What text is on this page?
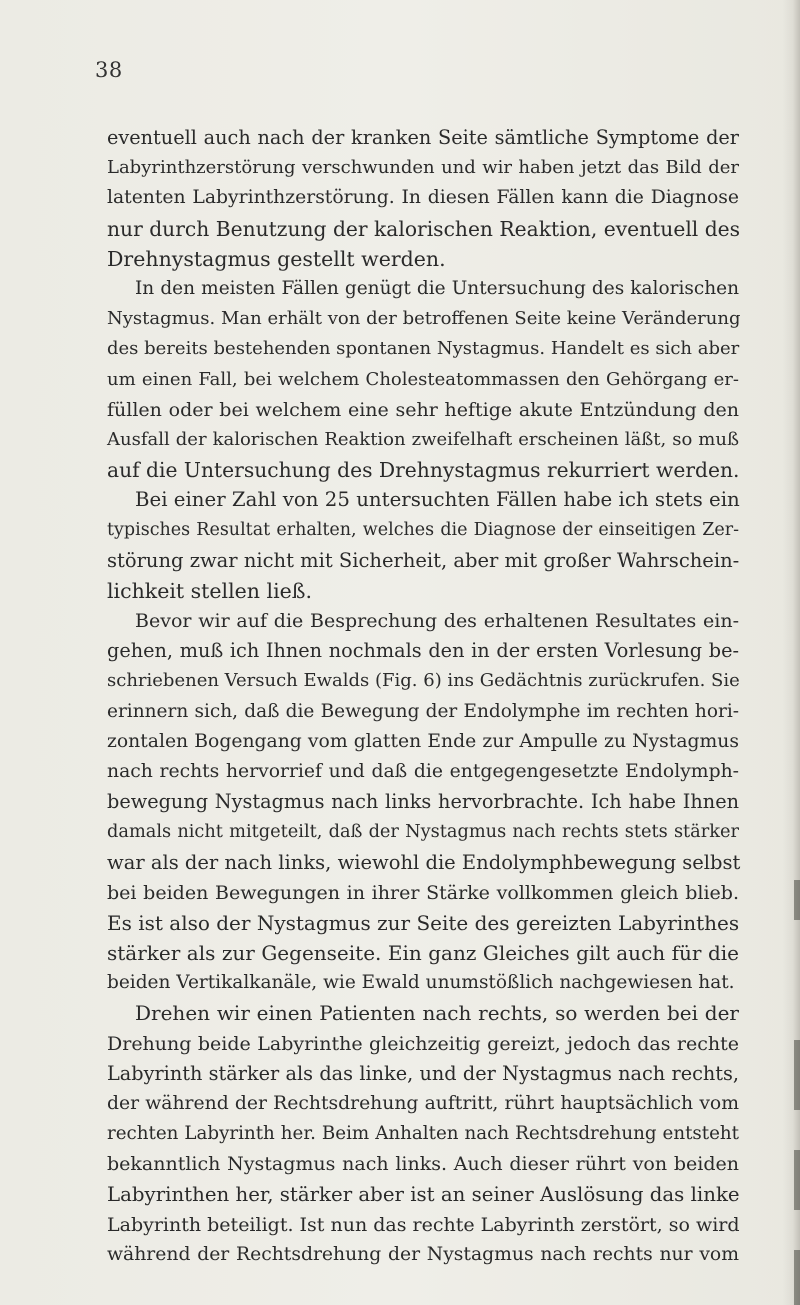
38
eventuell auch nach der kranken Seite sämtliche Symptome der
Labyrinthzerstörung verschwunden und wir haben jetzt das Bild der
latenten Labyrinthzerstörung. In diesen Fällen kann die Diagnose
nur durch Benutzung der kalorischen Reaktion, eventuell des
Drehnystagmus gestellt werden.
In den meisten Fällen genügt die Untersuchung des kalorischen
Nystagmus. Man erhält von der betroffenen Seite keine Veränderung
des bereits bestehenden spontanen Nystagmus. Handelt es sich aber
um einen Fall, bei welchem Cholesteatommassen den Gehörgang er-
füllen oder bei welchem eine sehr heftige akute Entzündung den
Ausfall der kalorischen Reaktion zweifelhaft erscheinen läßt, so muß
auf die Untersuchung des Drehnystagmus rekurriert werden.
Bei einer Zahl von 25 untersuchten Fällen habe ich stets ein
typisches Resultat erhalten, welches die Diagnose der einseitigen Zer-
störung zwar nicht mit Sicherheit, aber mit großer Wahrschein-
lichkeit stellen ließ.
Bevor wir auf die Besprechung des erhaltenen Resultates ein-
gehen, muß ich Ihnen nochmals den in der ersten Vorlesung be-
schriebenen Versuch Ewalds (Fig. 6) ins Gedächtnis zurückrufen. Sie
erinnern sich, daß die Bewegung der Endolymphe im rechten hori-
zontalen Bogengang vom glatten Ende zur Ampulle zu Nystagmus
nach rechts hervorrief und daß die entgegengesetzte Endolymph-
bewegung Nystagmus nach links hervorbrachte. Ich habe Ihnen
damals nicht mitgeteilt, daß der Nystagmus nach rechts stets stärker
war als der nach links, wiewohl die Endolymphbewegung selbst
bei beiden Bewegungen in ihrer Stärke vollkommen gleich blieb.
Es ist also der Nystagmus zur Seite des gereizten Labyrinthes
stärker als zur Gegenseite. Ein ganz Gleiches gilt auch für die
beiden Vertikalkanäle, wie Ewald unumstößlich nachgewiesen hat.
Drehen wir einen Patienten nach rechts, so werden bei der
Drehung beide Labyrinthe gleichzeitig gereizt, jedoch das rechte
Labyrinth stärker als das linke, und der Nystagmus nach rechts,
der während der Rechtsdrehung auftritt, rührt hauptsächlich vom
rechten Labyrinth her. Beim Anhalten nach Rechtsdrehung entsteht
bekanntlich Nystagmus nach links. Auch dieser rührt von beiden
Labyrinthen her, stärker aber ist an seiner Auslösung das linke
Labyrinth beteiligt. Ist nun das rechte Labyrinth zerstört, so wird
während der Rechtsdrehung der Nystagmus nach rechts nur vom
